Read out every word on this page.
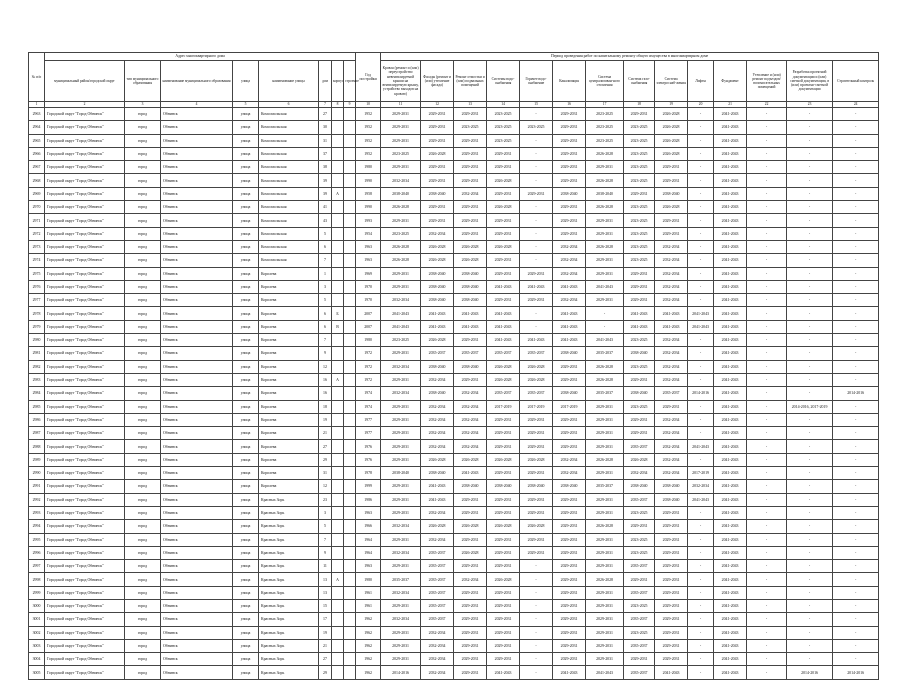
№ п/п	Адрес многоквартирного дома								Год постройки	Период проведения работ по капитальному ремонту общего имущества в многоквартирном доме													
	муниципальный район/городской округ	тип муниципального образования	наименование муниципального образования	улица	наименование улицы	дом	корпус	строение		Кровля (ремонт и (или) переустройство невентилируемой крыши на вентилируемую крышу, устройство выходов на кровлю)	Фасады (ремонт и (или) утепление фасада)	Ремонт отмостки и (или) подвальных помещений	Системы водо-снабжения	Горячее водо-снабжение	Канализация	Система централизован-ного отопления	Система газо-снабжения	Система электроснаб-жения	Лифты	Фундамент	Утепление и (или) ремонт подъездов/вспомогательных помещений	Разработка проектной документации и (или) сметной документации, в (или) проектно-сметной документации	Строительный контроль
1	2	3	4	5	6	7	8	9	10	11	12	13	14	15	16	17	18	19	20	21	22	23	24
2963	Городской округ "Город Обнинск"	город	Обнинск	улица	Комсомольская	27			1952	2029-2031	2029-2031	2029-2031	2023-2025	-	2029-2031	2023-2025	2029-2031	2026-2028	-	2041-2043	-	-	-
2964	Городской округ "Город Обнинск"	город	Обнинск	улица	Комсомольская	30			1952	2029-2031	2029-2031	2023-2025	2023-2025	2023-2025	2029-2031	2023-2025	2023-2025	2026-2028	-	2041-2043	-	-	-
2965	Городской округ "Город Обнинск"	город	Обнинск	улица	Комсомольская	31			1952	2029-2031	2029-2031	2029-2031	2023-2025	-	2029-2031	2023-2025	2023-2025	2026-2028	-	2041-2043	-	-	-
2966	Городской округ "Город Обнинск"	город	Обнинск	улица	Комсомольская	37			1952	2023-2025	2026-2028	2029-2031	2029-2031	-	2029-2031	2026-2028	2023-2025	2026-2028	-	2041-2043	-	-	-
2967	Городской округ "Город Обнинск"	город	Обнинск	улица	Комсомольская	38			1980	2029-2031	2029-2031	2029-2031	2029-2031	-	2029-2031	2029-2031	2023-2025	2029-2031	-	2041-2043	-	-	-
2968	Городской округ "Город Обнинск"	город	Обнинск	улица	Комсомольская	39			1990	2032-2034	2029-2031	2029-2031	2026-2028	-	2029-2031	2026-2028	2023-2025	2029-2031	-	2041-2043	-	-	-
2969	Городской округ "Город Обнинск"	город	Обнинск	улица	Комсомольская	39	А		1958	2038-2040	2038-2040	2032-2034	2029-2031	2029-2031	2038-2040	2038-2040	2029-2031	2038-2040	-	2041-2043	-	-	-
2970	Городской округ "Город Обнинск"	город	Обнинск	улица	Комсомольская	41			1990	2026-2028	2029-2031	2029-2031	2026-2028	-	2029-2031	2026-2028	2023-2025	2026-2028	-	2041-2043	-	-	-
2971	Городской округ "Город Обнинск"	город	Обнинск	улица	Комсомольская	43			1993	2029-2031	2029-2031	2029-2031	2029-2031	-	2029-2031	2029-2031	2023-2025	2029-2031	-	2041-2043	-	-	-
2972	Городской округ "Город Обнинск"	город	Обнинск	улица	Комсомольская	5			1954	2023-2025	2032-2034	2029-2031	2029-2031	-	2029-2031	2029-2031	2023-2025	2029-2031	-	2041-2043	-	-	-
2973	Городской округ "Город Обнинск"	город	Обнинск	улица	Комсомольская	6			1963	2026-2028	2026-2028	2026-2028	2026-2028	-	2032-2034	2026-2028	2023-2025	2032-2034	-	2041-2043	-	-	-
2974	Городской округ "Город Обнинск"	город	Обнинск	улица	Комсомольская	7			1963	2026-2028	2026-2028	2026-2028	2029-2031	-	2032-2034	2029-2031	2023-2025	2032-2034	-	2041-2043	-	-	-
2975	Городской округ "Город Обнинск"	город	Обнинск	улица	Королева	1			1969	2029-2031	2038-2040	2038-2040	2029-2031	2029-2031	2032-2034	2029-2031	2029-2031	2032-2034	-	2041-2043	-	-	-
2976	Городской округ "Город Обнинск"	город	Обнинск	улица	Королева	3			1970	2029-2031	2038-2040	2038-2040	2041-2043	2041-2043	2041-2043	2041-2043	2029-2031	2032-2034	-	2041-2043	-	-	-
2977	Городской округ "Город Обнинск"	город	Обнинск	улица	Королева	5			1970	2032-2034	2038-2040	2038-2040	2029-2031	2029-2031	2032-2034	2029-2031	2029-2031	2032-2034	-	2041-2043	-	-	-
2978	Городской округ "Город Обнинск"	город	Обнинск	улица	Королева	6	Б		2007	2041-2043	2041-2043	2041-2043	2041-2043	-	2041-2043	-	2041-2043	2041-2043	2041-2043	2041-2043	-	-	-
2979	Городской округ "Город Обнинск"	город	Обнинск	улица	Королева	6	В		2007	2041-2043	2041-2043	2041-2043	2041-2043	-	2041-2043	-	2041-2043	2041-2043	2041-2043	2041-2043	-	-	-
2980	Городской округ "Город Обнинск"	город	Обнинск	улица	Королева	7			1980	2023-2025	2026-2028	2029-2031	2041-2043	2041-2043	2041-2043	2041-2043	2023-2025	2032-2034	-	2041-2043	-	-	-
2981	Городской округ "Город Обнинск"	город	Обнинск	улица	Королева	9			1972	2029-2031	2035-2037	2035-2037	2035-2037	2035-2037	2038-2040	2035-2037	2038-2040	2032-2034	-	2041-2043	-	-	-
2982	Городской округ "Город Обнинск"	город	Обнинск	улица	Королева	12			1972	2032-2034	2038-2040	2038-2040	2026-2028	2026-2028	2029-2031	2026-2028	2023-2025	2032-2034	-	2041-2043	-	-	-
2983	Городской округ "Город Обнинск"	город	Обнинск	улица	Королева	16	А		1972	2029-2031	2032-2034	2029-2031	2026-2028	2026-2028	2029-2031	2026-2028	2029-2031	2032-2034	-	2041-2043	-	-	-
2984	Городской округ "Город Обнинск"	город	Обнинск	улица	Королева	16			1974	2032-2034	2038-2040	2032-2034	2035-2037	2035-2037	2038-2040	2035-2037	2038-2040	2035-2037	2014-2016	2041-2043	-	-	2014-2016
2985	Городской округ "Город Обнинск"	город	Обнинск	улица	Королева	18			1974	2029-2031	2032-2034	2032-2034	2017-2019	2017-2019	2017-2019	2029-2031	2023-2025	2029-2031	-	2041-2043	-	2014-2016, 2017-2019	-
2986	Городской округ "Город Обнинск"	город	Обнинск	улица	Королева	19			1977	2029-2031	2032-2034	2032-2034	2029-2031	2029-2031	2029-2031	2029-2031	2029-2031	2032-2034	-	2041-2043	-	-	-
2987	Городской округ "Город Обнинск"	город	Обнинск	улица	Королева	21			1977	2029-2031	2032-2034	2032-2034	2029-2031	2029-2031	2029-2031	2029-2031	2029-2031	2032-2034	-	2041-2043	-	-	-
2988	Городской округ "Город Обнинск"	город	Обнинск	улица	Королева	27			1976	2029-2031	2032-2034	2032-2034	2029-2031	2029-2031	2029-2031	2029-2031	2035-2037	2032-2034	2041-2043	2041-2043	-	-	-
2989	Городской округ "Город Обнинск"	город	Обнинск	улица	Королева	29			1976	2029-2031	2026-2028	2026-2028	2026-2028	2026-2028	2032-2034	2026-2028	2026-2028	2032-2034	-	2041-2043	-	-	-
2990	Городской округ "Город Обнинск"	город	Обнинск	улица	Королева	31			1978	2038-2040	2038-2040	2041-2043	2029-2031	2029-2031	2032-2034	2029-2031	2032-2034	2032-2034	2017-2019	2041-2043	-	-	-
2991	Городской округ "Город Обнинск"	город	Обнинск	улица	Королева	12			1999	2029-2031	2041-2043	2038-2040	2038-2040	2038-2040	2038-2040	2035-2037	2038-2040	2038-2040	2032-2034	2041-2043	-	-	-
2992	Городской округ "Город Обнинск"	город	Обнинск	улица	Красных Зорь	23			1986	2029-2031	2041-2043	2029-2031	2029-2031	2029-2031	2029-2031	2029-2031	2035-2037	2038-2040	2041-2043	2041-2043	-	-	-
2993	Городской округ "Город Обнинск"	город	Обнинск	улица	Красных Зорь	3			1963	2029-2031	2032-2034	2029-2031	2029-2031	2029-2031	2029-2031	2029-2031	2023-2025	2029-2031	-	2041-2043	-	-	-
2994	Городской округ "Город Обнинск"	город	Обнинск	улица	Красных Зорь	5			1966	2032-2034	2026-2028	2026-2028	2026-2028	2026-2028	2029-2031	2026-2028	2029-2031	2029-2031	-	2041-2043	-	-	-
2995	Городской округ "Город Обнинск"	город	Обнинск	улица	Красных Зорь	7			1964	2029-2031	2032-2034	2029-2031	2029-2031	2029-2031	2029-2031	2029-2031	2023-2025	2029-2031	-	2041-2043	-	-	-
2996	Городской округ "Город Обнинск"	город	Обнинск	улица	Красных Зорь	9			1964	2032-2034	2035-2037	2026-2028	2029-2031	2029-2031	2029-2031	2029-2031	2023-2025	2029-2031	-	2041-2043	-	-	-
2997	Городской округ "Город Обнинск"	город	Обнинск	улица	Красных Зорь	11			1963	2029-2031	2035-2037	2029-2031	2029-2031	-	2029-2031	2029-2031	2035-2037	2029-2031	-	2041-2043	-	-	-
2998	Городской округ "Город Обнинск"	город	Обнинск	улица	Красных Зорь	13	А		1980	2035-2037	2035-2037	2032-2034	2026-2028	-	2029-2031	2026-2028	2029-2031	2029-2031	-	2041-2043	-	-	-
2999	Городской округ "Город Обнинск"	город	Обнинск	улица	Красных Зорь	13			1961	2032-2034	2035-2037	2029-2031	2029-2031	-	2029-2031	2029-2031	2035-2037	2029-2031	-	2041-2043	-	-	-
3000	Городской округ "Город Обнинск"	город	Обнинск	улица	Красных Зорь	15			1961	2029-2031	2035-2037	2029-2031	2029-2031	-	2029-2031	2029-2031	2023-2025	2029-2031	-	2041-2043	-	-	-
3001	Городской округ "Город Обнинск"	город	Обнинск	улица	Красных Зорь	17			1962	2032-2034	2035-2037	2029-2031	2029-2031	-	2029-2031	2029-2031	2035-2037	2029-2031	-	2041-2043	-	-	-
3002	Городской округ "Город Обнинск"	город	Обнинск	улица	Красных Зорь	19			1962	2029-2031	2032-2034	2029-2031	2029-2031	-	2029-2031	2029-2031	2023-2025	2029-2031	-	2041-2043	-	-	-
3003	Городской округ "Город Обнинск"	город	Обнинск	улица	Красных Зорь	21			1962	2029-2031	2032-2034	2029-2031	2029-2031	-	2029-2031	2029-2031	2035-2037	2029-2031	-	2041-2043	-	-	-
3004	Городской округ "Город Обнинск"	город	Обнинск	улица	Красных Зорь	27			1962	2029-2031	2032-2034	2029-2031	2029-2031	-	2029-2031	2029-2031	2029-2031	2029-2031	-	2041-2043	-	-	-
3005	Городской округ "Город Обнинск"	город	Обнинск	улица	Красных Зорь	29			1962	2014-2016	2032-2034	2029-2031	2041-2043	-	2041-2043	2041-2043	2035-2037	2041-2043	-	2041-2043	-	2014-2016	2014-2016
